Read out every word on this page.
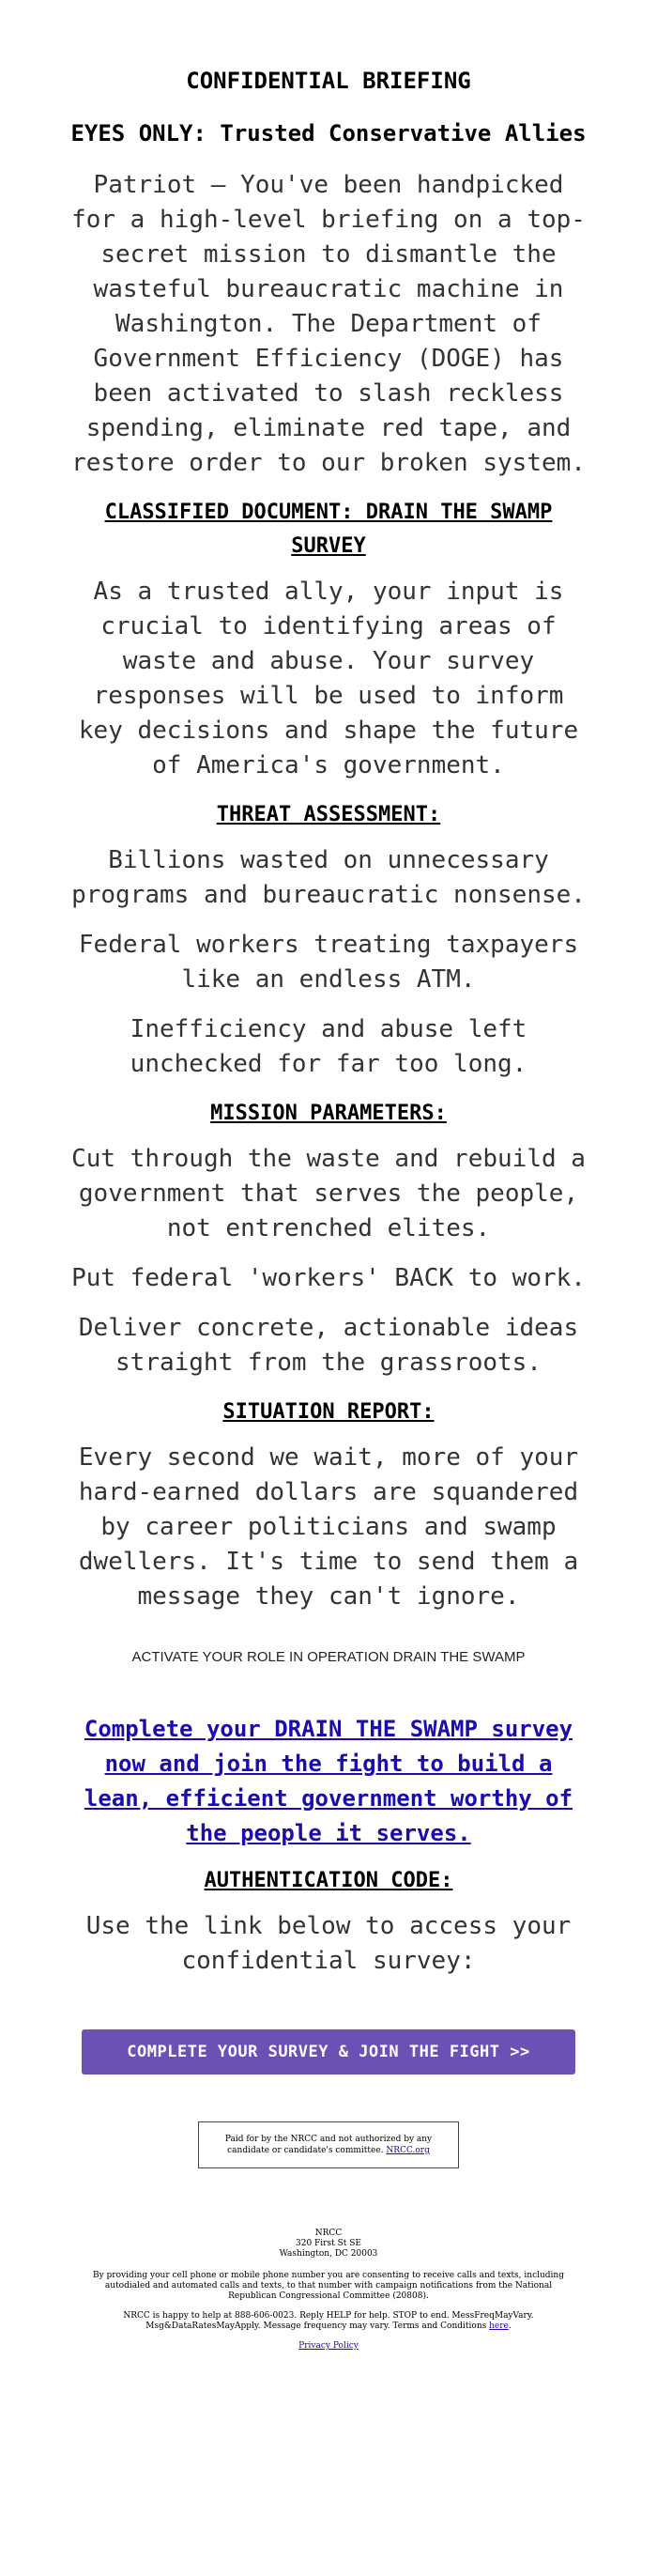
CONFIDENTIAL BRIEFING
EYES ONLY: Trusted Conservative Allies
Patriot – You've been handpicked for a high-level briefing on a top-secret mission to dismantle the wasteful bureaucratic machine in Washington. The Department of Government Efficiency (DOGE) has been activated to slash reckless spending, eliminate red tape, and restore order to our broken system.
CLASSIFIED DOCUMENT: DRAIN THE SWAMP SURVEY
As a trusted ally, your input is crucial to identifying areas of waste and abuse. Your survey responses will be used to inform key decisions and shape the future of America's government.
THREAT ASSESSMENT:
Billions wasted on unnecessary programs and bureaucratic nonsense.
Federal workers treating taxpayers like an endless ATM.
Inefficiency and abuse left unchecked for far too long.
MISSION PARAMETERS:
Cut through the waste and rebuild a government that serves the people, not entrenched elites.
Put federal 'workers' BACK to work.
Deliver concrete, actionable ideas straight from the grassroots.
SITUATION REPORT:
Every second we wait, more of your hard-earned dollars are squandered by career politicians and swamp dwellers. It's time to send them a message they can't ignore.
ACTIVATE YOUR ROLE IN OPERATION DRAIN THE SWAMP
Complete your DRAIN THE SWAMP survey now and join the fight to build a lean, efficient government worthy of the people it serves.
AUTHENTICATION CODE:
Use the link below to access your confidential survey:
COMPLETE YOUR SURVEY & JOIN THE FIGHT >>
Paid for by the NRCC and not authorized by any candidate or candidate's committee. NRCC.org
NRCC
320 First St SE
Washington, DC 20003

By providing your cell phone or mobile phone number you are consenting to receive calls and texts, including autodialed and automated calls and texts, to that number with campaign notifications from the National Republican Congressional Committee (20808).

NRCC is happy to help at 888-606-0023. Reply HELP for help. STOP to end. MessFreqMayVary. Msg&DataRatesMayApply. Message frequency may vary. Terms and Conditions here.

Privacy Policy
